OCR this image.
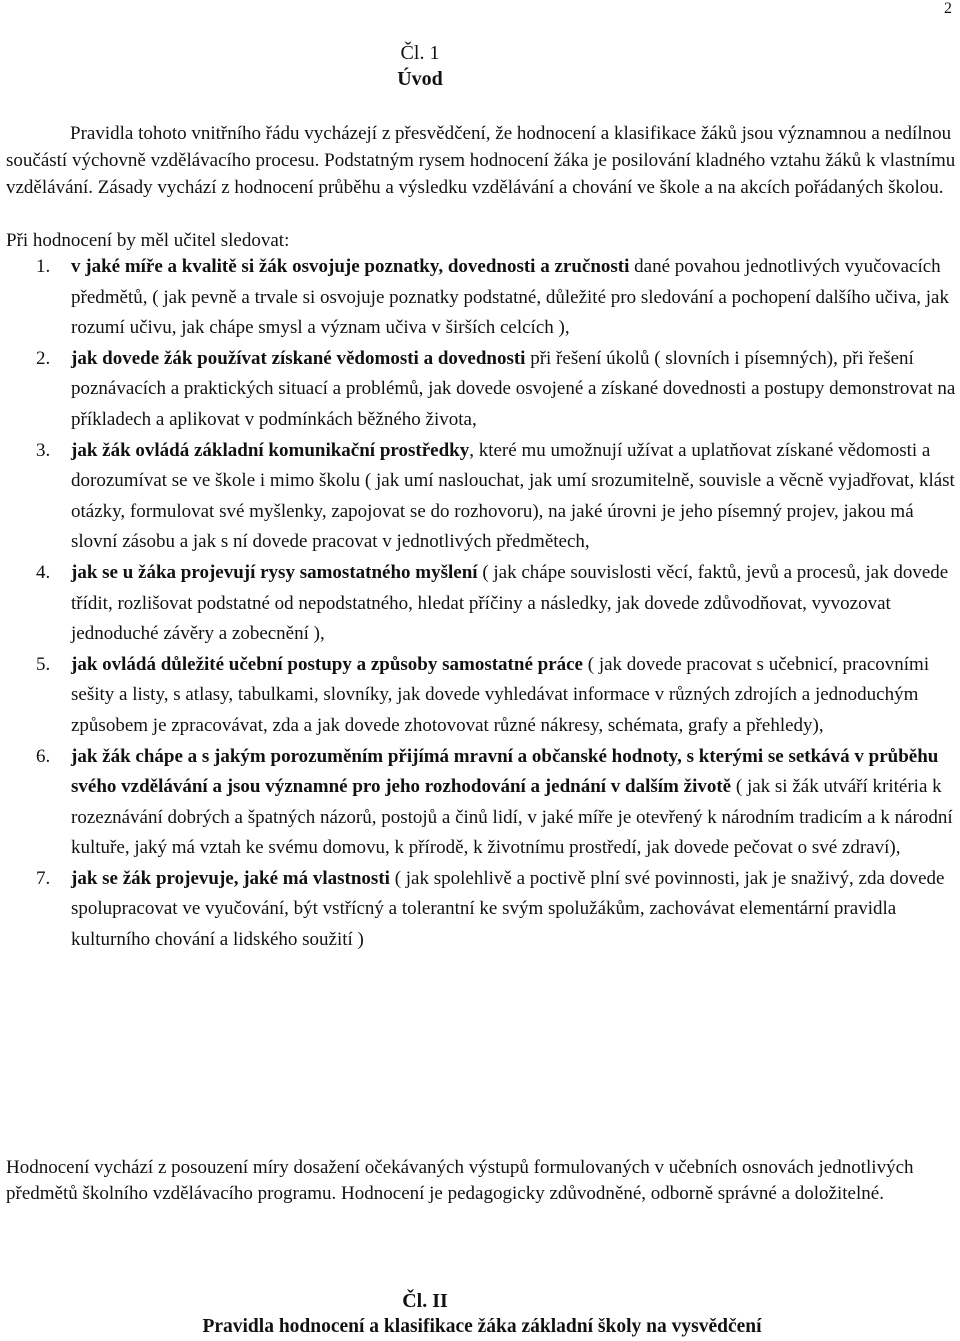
2
Čl. 1
Úvod

Pravidla tohoto vnitřního řádu vycházejí z přesvědčení, že hodnocení a klasifikace žáků jsou významnou a nedílnou součástí výchovně vzdělávacího procesu. Podstatným rysem hodnocení žáka je posilování kladného vztahu žáků k vlastnímu vzdělávání. Zásady vychází z hodnocení průběhu a výsledku vzdělávání a chování ve škole a na akcích pořádaných školou.

Při hodnocení by měl učitel sledovat:

1. v jaké míře a kvalitě si žák osvojuje poznatky, dovednosti a zručnosti dané povahou jednotlivých vyučovacích předmětů, ( jak pevně a trvale si osvojuje poznatky podstatné, důležité pro sledování a pochopení dalšího učiva, jak rozumí učivu, jak chápe smysl a význam učiva v širších celcích ),
2. jak dovede žák používat získané vědomosti a dovednosti při řešení úkolů ( slovních i písemných), při řešení poznávacích a praktických situací a problémů, jak dovede osvojené a získané dovednosti a postupy demonstrovat na příkladech a aplikovat v podmínkách běžného života,
3. jak žák ovládá základní komunikační prostředky, které mu umožnují užívat a uplatňovat získané vědomosti a dorozumívat se ve škole i mimo školu ( jak umí naslouchat, jak umí srozumitelně, souvisle a věcně vyjadřovat, klást otázky, formulovat své myšlenky, zapojovat se do rozhovoru), na jaké úrovni je jeho písemný projev, jakou má slovní zásobu a jak s ní dovede pracovat v jednotlivých předmětech,
4. jak se u žáka projevují rysy samostatného myšlení ( jak chápe souvislosti věcí, faktů, jevů a procesů, jak dovede třídit, rozlišovat podstatné od nepodstatného, hledat příčiny a následky, jak dovede zdůvodňovat, vyvozovat jednoduché závěry a zobecnění ),
5. jak ovládá důležité učební postupy a způsoby samostatné práce ( jak dovede pracovat s učebnicí, pracovními sešity a listy, s atlasy, tabulkami, slovníky, jak dovede vyhledávat informace v různých zdrojích a jednoduchým způsobem je zpracovávat, zda a jak dovede zhotovovat různé nákresy, schémata, grafy a přehledy),
6. jak žák chápe a s jakým porozuměním přijímá mravní a občanské hodnoty, s kterými se setkává v průběhu svého vzdělávání a jsou významné pro jeho rozhodování a jednání v dalším životě ( jak si žák utváří kritéria k rozeznávání dobrých a špatných názorů, postojů a činů lidí, v jaké míře je otevřený k národním tradicím a k národní kultuře, jaký má vztah ke svému domovu, k přírodě, k životnímu prostředí, jak dovede pečovat o své zdraví),
7. jak se žák projevuje, jaké má vlastnosti ( jak spolehlivě a poctivě plní své povinnosti, jak je snaživý, zda dovede spolupracovat ve vyučování, být vstřícný a tolerantní ke svým spolužákům, zachovávat elementární pravidla kulturního chování a lidského soužití )

Hodnocení vychází z posouzení míry dosažení očekávaných výstupů formulovaných v učebních osnovách jednotlivých předmětů školního vzdělávacího programu. Hodnocení je pedagogicky zdůvodněné, odborně správné a doložitelné.

Čl. II
Pravidla hodnocení a klasifikace žáka základní školy na vysvědčení
